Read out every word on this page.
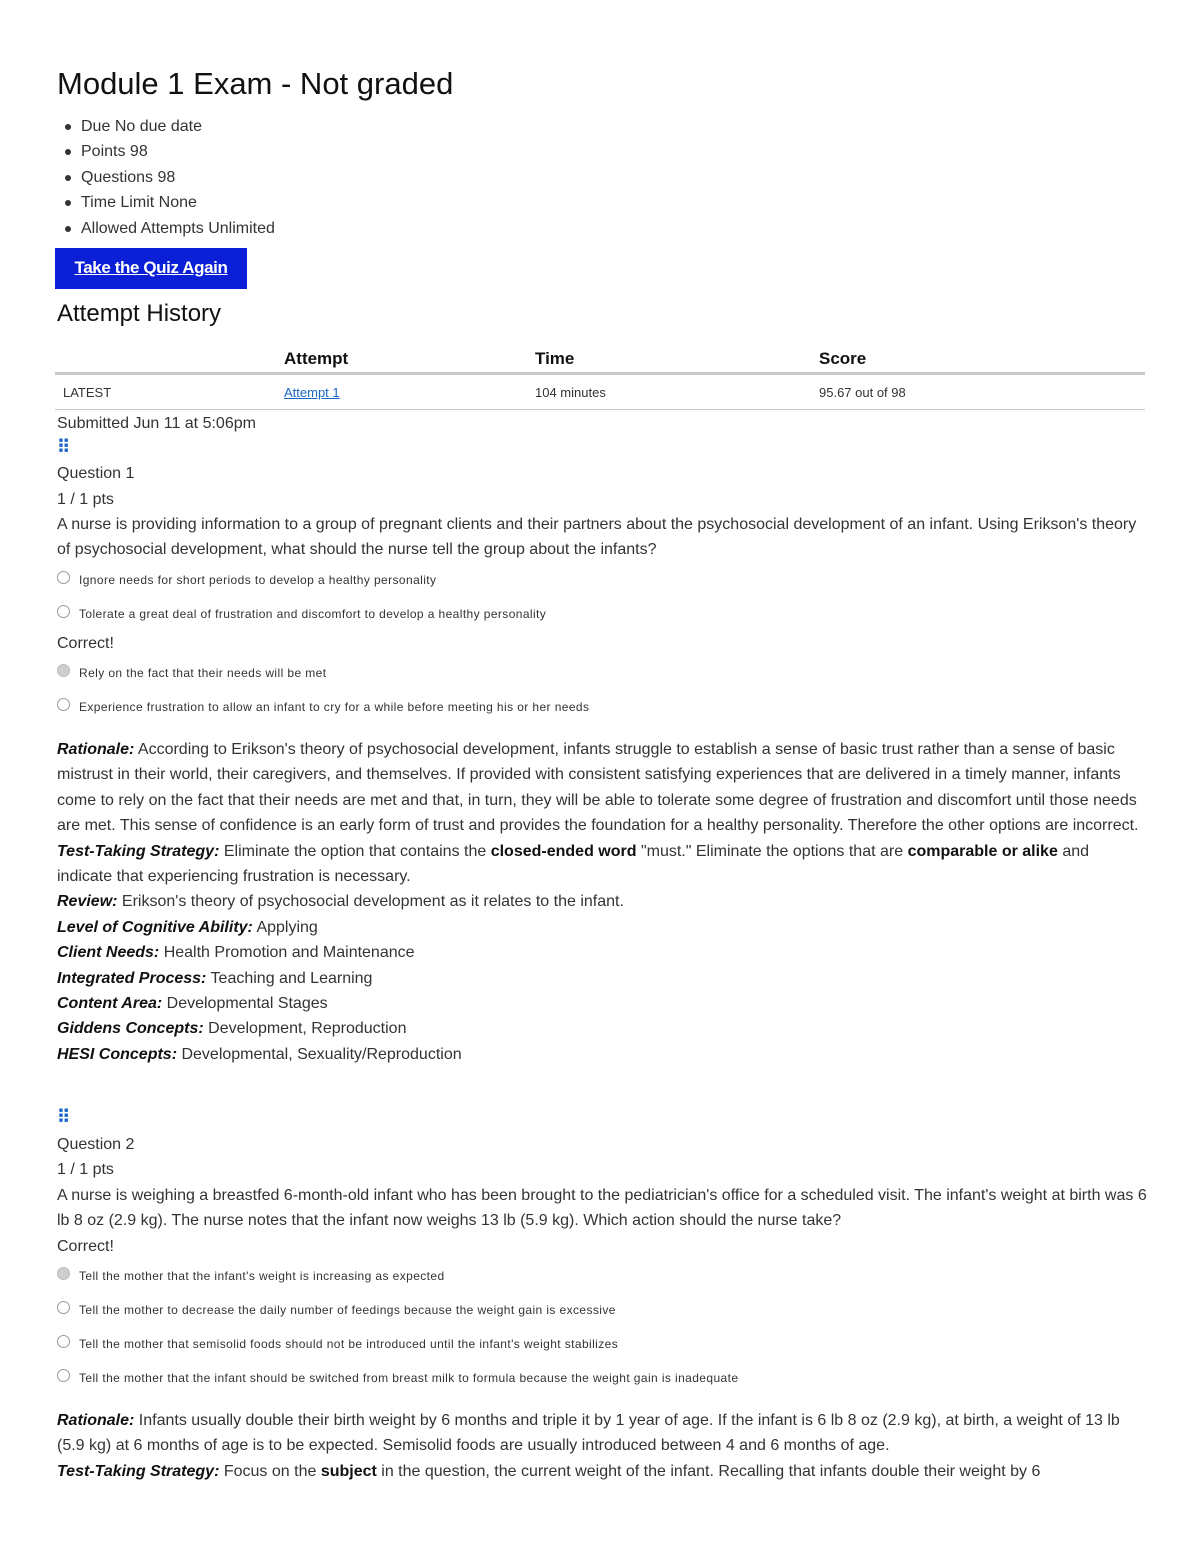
Module 1 Exam - Not graded
Due No due date
Points 98
Questions 98
Time Limit None
Allowed Attempts Unlimited
Take the Quiz Again
Attempt History
	Attempt	Time	Score
LATEST	Attempt 1	104 minutes	95.67 out of 98
Submitted Jun 11 at 5:06pm
⠿
Question 1
1 / 1 pts
A nurse is providing information to a group of pregnant clients and their partners about the psychosocial development of an infant. Using Erikson's theory of psychosocial development, what should the nurse tell the group about the infants?
Ignore needs for short periods to develop a healthy personality
Tolerate a great deal of frustration and discomfort to develop a healthy personality
Correct!
Rely on the fact that their needs will be met
Experience frustration to allow an infant to cry for a while before meeting his or her needs
Rationale: According to Erikson's theory of psychosocial development, infants struggle to establish a sense of basic trust rather than a sense of basic mistrust in their world, their caregivers, and themselves. If provided with consistent satisfying experiences that are delivered in a timely manner, infants come to rely on the fact that their needs are met and that, in turn, they will be able to tolerate some degree of frustration and discomfort until those needs are met. This sense of confidence is an early form of trust and provides the foundation for a healthy personality. Therefore the other options are incorrect.
Test-Taking Strategy: Eliminate the option that contains the closed-ended word "must." Eliminate the options that are comparable or alike and indicate that experiencing frustration is necessary.
Review: Erikson's theory of psychosocial development as it relates to the infant.
Level of Cognitive Ability: Applying
Client Needs: Health Promotion and Maintenance
Integrated Process: Teaching and Learning
Content Area: Developmental Stages
Giddens Concepts: Development, Reproduction
HESI Concepts: Developmental, Sexuality/Reproduction
⠿
Question 2
1 / 1 pts
A nurse is weighing a breastfed 6-month-old infant who has been brought to the pediatrician's office for a scheduled visit. The infant's weight at birth was 6 lb 8 oz (2.9 kg). The nurse notes that the infant now weighs 13 lb (5.9 kg). Which action should the nurse take?
Correct!
Tell the mother that the infant's weight is increasing as expected
Tell the mother to decrease the daily number of feedings because the weight gain is excessive
Tell the mother that semisolid foods should not be introduced until the infant's weight stabilizes
Tell the mother that the infant should be switched from breast milk to formula because the weight gain is inadequate
Rationale: Infants usually double their birth weight by 6 months and triple it by 1 year of age. If the infant is 6 lb 8 oz (2.9 kg), at birth, a weight of 13 lb (5.9 kg) at 6 months of age is to be expected. Semisolid foods are usually introduced between 4 and 6 months of age.
Test-Taking Strategy: Focus on the subject in the question, the current weight of the infant. Recalling that infants double their weight by 6
